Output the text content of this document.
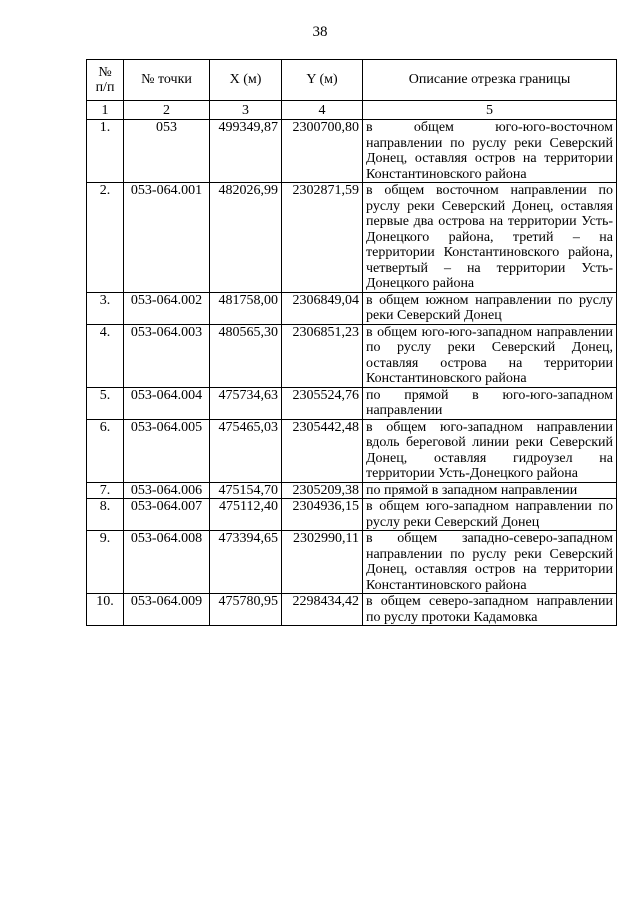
38
№
п/п	№ точки	X (м)	Y (м)	Описание отрезка границы
1	2	3	4	5
1.	053	499349,87	2300700,80	в общем юго-юго-восточном направлении по руслу реки Северский Донец, оставляя остров на территории Константиновского района
2.	053-064.001	482026,99	2302871,59	в общем восточном направлении по руслу реки Северский Донец, оставляя первые два острова на территории Усть-Донецкого района, третий – на территории Константиновского района, четвертый – на территории Усть-Донецкого района
3.	053-064.002	481758,00	2306849,04	в общем южном направлении по руслу реки Северский Донец
4.	053-064.003	480565,30	2306851,23	в общем юго-юго-западном направлении по руслу реки Северский Донец, оставляя острова на территории Константиновского района
5.	053-064.004	475734,63	2305524,76	по прямой в юго-юго-западном направлении
6.	053-064.005	475465,03	2305442,48	в общем юго-западном направлении вдоль береговой линии реки Северский Донец, оставляя гидроузел на территории Усть-Донецкого района
7.	053-064.006	475154,70	2305209,38	по прямой в западном направлении
8.	053-064.007	475112,40	2304936,15	в общем юго-западном направлении по руслу реки Северский Донец
9.	053-064.008	473394,65	2302990,11	в общем западно-северо-западном направлении по руслу реки Северский Донец, оставляя остров на территории Константиновского района
10.	053-064.009	475780,95	2298434,42	в общем северо-западном направлении по руслу протоки Кадамовка
